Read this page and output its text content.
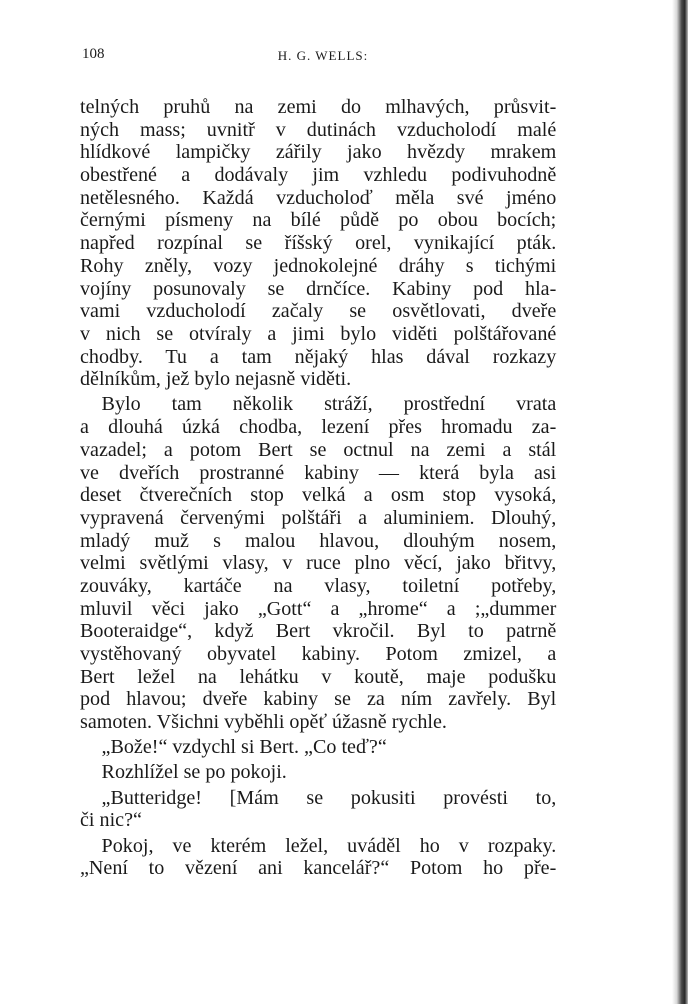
108	H. G. WELLS:
telných pruhů na zemi do mlhavých, průsvit-
ných mass; uvnitř v dutinách vzducholodí malé
hlídkové lampičky zářily jako hvězdy mrakem
obestřené a dodávaly jim vzhledu podivuhodně
netělesného. Každá vzducholoď měla své jméno
černými písmeny na bílé půdě po obou bocích;
napřed rozpínal se říšský orel, vynikající pták.
Rohy zněly, vozy jednokolejné dráhy s tichými
vojíny posunovaly se drnčíce. Kabiny pod hla-
vami vzducholodí začaly se osvětlovati, dveře
v nich se otvíraly a jimi bylo viděti polštářované
chodby. Tu a tam nějaký hlas dával rozkazy
dělníkům, jež bylo nejasně viděti.
Bylo tam několik stráží, prostřední vrata
a dlouhá úzká chodba, lezení přes hromadu za-
vazadel; a potom Bert se octnul na zemi a stál
ve dveřích prostranné kabiny — která byla asi
deset čtverečních stop velká a osm stop vysoká,
vypravená červenými polštáři a aluminiem. Dlouhý,
mladý muž s malou hlavou, dlouhým nosem,
velmi světlými vlasy, v ruce plno věcí, jako břitvy,
zouváky, kartáče na vlasy, toiletní potřeby,
mluvil věci jako „Gott“ a „hrome“ a ;„dummer
Booteraidge“, když Bert vkročil. Byl to patrně
vystěhovaný obyvatel kabiny. Potom zmizel, a
Bert ležel na lehátku v koutě, maje podušku
pod hlavou; dveře kabiny se za ním zavřely. Byl
samoten. Všichni vyběhli opěť úžasně rychle.
„Bože!“ vzdychl si Bert. „Co teď?“
Rozhlížel se po pokoji.
„Butteridge! [Mám se pokusiti provésti to,
či nic?“
Pokoj, ve kterém ležel, uváděl ho v rozpaky.
„Není to vězení ani kancelář?“ Potom ho pře-
